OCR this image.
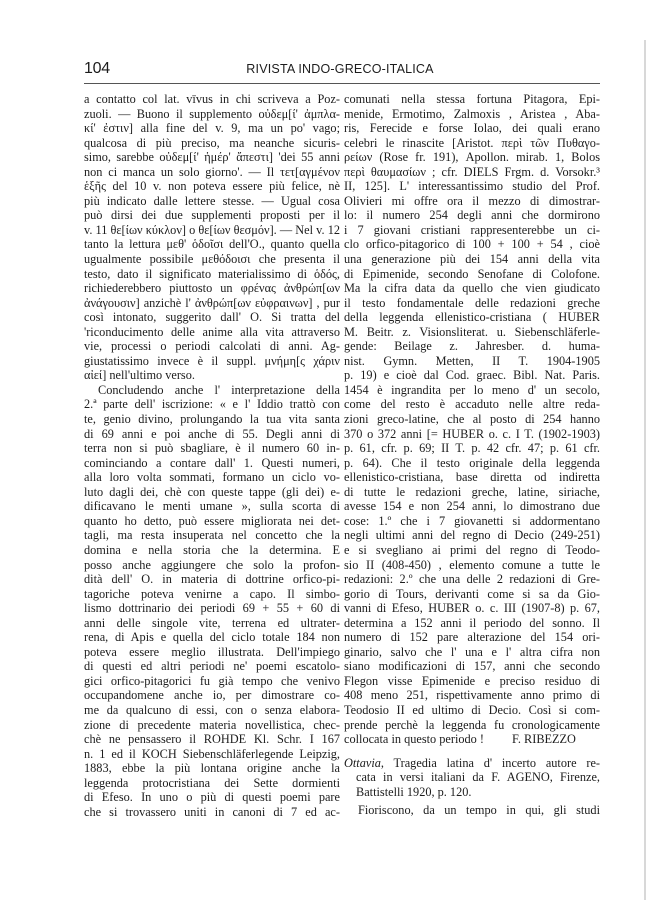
104	RIVISTA INDO-GRECO-ITALICA
a contatto col lat. vīvus in chi scriveva a Poz-
zuoli. — Buono il supplemento οὐδεμ[ί' ἀμπλα-
κί' ἐστιν] alla fine del v. 9, ma un po' vago;
qualcosa di più preciso, ma neanche sicuris-
simo, sarebbe οὐδεμ[ί' ἡμέρ' ἄπεστι] 'dei 55 anni
non ci manca un solo giorno'. — Il τετ[αγμένον
ἑξῆς del 10 v. non poteva essere più felice, nè
più indicato dalle lettere stesse. — Ugual cosa
può dirsi dei due supplementi proposti per il
v. 11 θε[ίων κύκλον] o θε[ίων θεσμόν]. — Nel v. 12
tanto la lettura μεθ' ὁδοῖσι dell'O., quanto quella
ugualmente possibile μεθόδοισι che presenta il
testo, dato il significato materialissimo di ὁδός,
richiederebbero piuttosto un φρένας ἀνθρώπ[ων
ἀνάγουσιν] anzichè l' ἀνθρώπ[ων εὐφραινων] , pur
così intonato, suggerito dall' O. Si tratta del
'riconducimento delle anime alla vita attraverso
vie, processi o periodi calcolati di anni. Ag-
giustatissimo invece è il suppl. μνήμη[ς χάριν
αἰεί] nell'ultimo verso.
Concludendo anche l' interpretazione della
2.ª parte dell' iscrizione: « e l' Iddio trattò con
te, genio divino, prolungando la tua vita santa
di 69 anni e poi anche di 55. Degli anni di
terra non si può sbagliare, è il numero 60 in-
cominciando a contare dall' 1. Questi numeri,
alla loro volta sommati, formano un ciclo vo-
luto dagli dei, chè con queste tappe (gli dei) e-
dificavano le menti umane », sulla scorta di
quanto ho detto, può essere migliorata nei det-
tagli, ma resta insuperata nel concetto che la
domina e nella storia che la determina. E
posso anche aggiungere che solo la profon-
dità dell' O. in materia di dottrine orfico-pi-
tagoriche poteva venirne a capo. Il simbo-
lismo dottrinario dei periodi 69 + 55 + 60 di
anni delle singole vite, terrena ed ultrater-
rena, di Apis e quella del ciclo totale 184 non
poteva essere meglio illustrata. Dell'impiego
di questi ed altri periodi ne' poemi escatolo-
gici orfico-pitagorici fu già tempo che venivo
occupandomene anche io, per dimostrare co-
me da qualcuno di essi, con o senza elabora-
zione di precedente materia novellistica, chec-
chè ne pensassero il ROHDE Kl. Schr. I 167
n. 1 ed il KOCH Siebenschläferlegende Leipzig,
1883, ebbe la più lontana origine anche la
leggenda protocristiana dei Sette dormienti
di Efeso. In uno o più di questi poemi pare
che si trovassero uniti in canoni di 7 ed ac-
comunati nella stessa fortuna Pitagora, Epi-
menide, Ermotimo, Zalmoxis , Aristea , Aba-
ris, Ferecide e forse Iolao, dei quali erano
celebri le rinascite [Aristot. περὶ τῶν Πυθαγο-
ρείων (Rose fr. 191), Apollon. mirab. 1, Bolos
περὶ θαυμασίων ; cfr. DIELS Frgm. d. Vorsokr.³
II, 125]. L' interessantissimo studio del Prof.
Olivieri mi offre ora il mezzo di dimostrar-
lo: il numero 254 degli anni che dormirono
i 7 giovani cristiani rappresenterebbe un ci-
clo orfico-pitagorico di 100 + 100 + 54 , cioè
una generazione più dei 154 anni della vita
di Epimenide, secondo Senofane di Colofone.
Ma la cifra data da quello che vien giudicato
il testo fondamentale delle redazioni greche
della leggenda ellenistico-cristiana ( HUBER
M. Beitr. z. Visionsliterat. u. Siebenschläferle-
gende: Beilage z. Jahresber. d. huma-
nist. Gymn. Metten, II T. 1904-1905
p. 19) e cioè dal Cod. graec. Bibl. Nat. Paris.
1454 è ingrandita per lo meno d' un secolo,
come del resto è accaduto nelle altre reda-
zioni greco-latine, che al posto di 254 hanno
370 o 372 anni [= HUBER o. c. I T. (1902-1903)
p. 61, cfr. p. 69; II T. p. 42 cfr. 47; p. 61 cfr.
p. 64). Che il testo originale della leggenda
ellenistico-cristiana, base diretta od indiretta
di tutte le redazioni greche, latine, siriache,
avesse 154 e non 254 anni, lo dimostrano due
cose: 1.º che i 7 giovanetti si addormentano
negli ultimi anni del regno di Decio (249-251)
e si svegliano ai primi del regno di Teodo-
sio II (408-450) , elemento comune a tutte le
redazioni: 2.º che una delle 2 redazioni di Gre-
gorio di Tours, derivanti come si sa da Gio-
vanni di Efeso, HUBER o. c. III (1907-8) p. 67,
determina a 152 anni il periodo del sonno. Il
numero di 152 pare alterazione del 154 ori-
ginario, salvo che l' una e l' altra cifra non
siano modificazioni di 157, anni che secondo
Flegon visse Epimenide e preciso residuo di
408 meno 251, rispettivamente anno primo di
Teodosio II ed ultimo di Decio. Così si com-
prende perchè la leggenda fu cronologicamente
collocata in questo periodo ! F. RIBEZZO
Ottavia, Tragedia latina d' incerto autore re-
cata in versi italiani da F. AGENO, Firenze,
Battistelli 1920, p. 120.
Fioriscono, da un tempo in qui, gli studi
